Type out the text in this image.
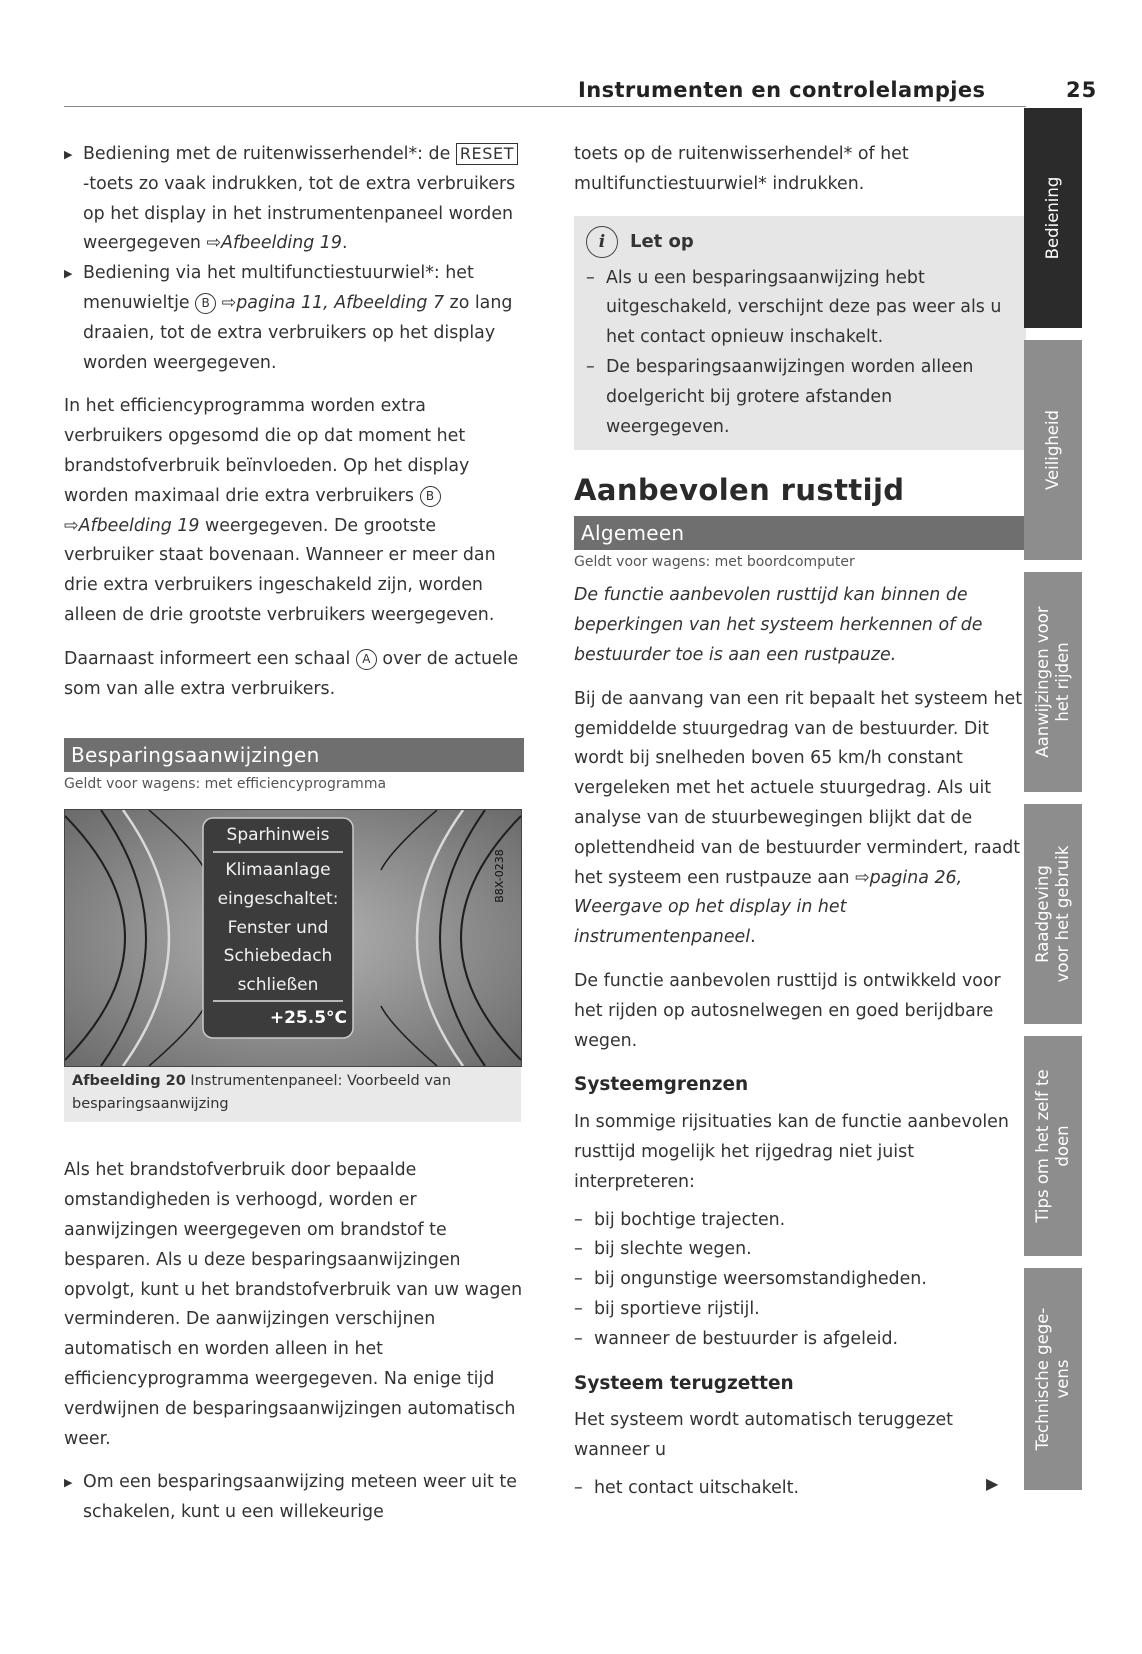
Instrumenten en controlelampjes	25

▶ Bediening met de ruitenwisserhendel*: de RESET-toets zo vaak indrukken, tot de extra verbruikers op het display in het instrumentenpaneel worden weergegeven ⇨Afbeelding 19.

▶ Bediening via het multifunctiestuurwiel*: het menuwieltje B ⇨pagina 11, Afbeelding 7 zo lang draaien, tot de extra verbruikers op het display worden weergegeven.

In het efficiencyprogramma worden extra verbruikers opgesomd die op dat moment het brandstofverbruik beïnvloeden. Op het display worden maximaal drie extra verbruikers B ⇨Afbeelding 19 weergegeven. De grootste verbruiker staat bovenaan. Wanneer er meer dan drie extra verbruikers ingeschakeld zijn, worden alleen de drie grootste verbruikers weergegeven.

Daarnaast informeert een schaal A over de actuele som van alle extra verbruikers.

Besparingsaanwijzingen

Geldt voor wagens: met efficiencyprogramma

Sparhinweis
Klimaanlage
eingeschaltet:
Fenster und
Schiebedach
schließen
+25.5°C
B8X-0238
Afbeelding 20 Instrumentenpaneel: Voorbeeld van besparingsaanwijzing

Als het brandstofverbruik door bepaalde omstandigheden is verhoogd, worden er aanwijzingen weergegeven om brandstof te besparen. Als u deze besparingsaanwijzingen opvolgt, kunt u het brandstofverbruik van uw wagen verminderen. De aanwijzingen verschijnen automatisch en worden alleen in het efficiencyprogramma weergegeven. Na enige tijd verdwijnen de besparingsaanwijzingen automatisch weer.

▶ Om een besparingsaanwijzing meteen weer uit te schakelen, kunt u een willekeurige

toets op de ruitenwisserhendel* of het multifunctiestuurwiel* indrukken.

i	Let op

– Als u een besparingsaanwijzing hebt uitgeschakeld, verschijnt deze pas weer als u het contact opnieuw inschakelt.

– De besparingsaanwijzingen worden alleen doelgericht bij grotere afstanden weergegeven.

Aanbevolen rusttijd

Algemeen

Geldt voor wagens: met boordcomputer

De functie aanbevolen rusttijd kan binnen de beperkingen van het systeem herkennen of de bestuurder toe is aan een rustpauze.

Bij de aanvang van een rit bepaalt het systeem het gemiddelde stuurgedrag van de bestuurder. Dit wordt bij snelheden boven 65 km/h constant vergeleken met het actuele stuurgedrag. Als uit analyse van de stuurbewegingen blijkt dat de oplettendheid van de bestuurder vermindert, raadt het systeem een rustpauze aan ⇨pagina 26, Weergave op het display in het instrumentenpaneel.

De functie aanbevolen rusttijd is ontwikkeld voor het rijden op autosnelwegen en goed berijdbare wegen.

Systeemgrenzen

In sommige rijsituaties kan de functie aanbevolen rusttijd mogelijk het rijgedrag niet juist interpreteren:

– bij bochtige trajecten.

– bij slechte wegen.

– bij ongunstige weersomstandigheden.

– bij sportieve rijstijl.

– wanneer de bestuurder is afgeleid.

Systeem terugzetten

Het systeem wordt automatisch teruggezet wanneer u

– het contact uitschakelt.	▶
Bediening
Veiligheid
Aanwijzingen voor
het rijden
Raadgeving
voor het gebruik
Tips om het zelf te
doen
Technische gege-
vens
